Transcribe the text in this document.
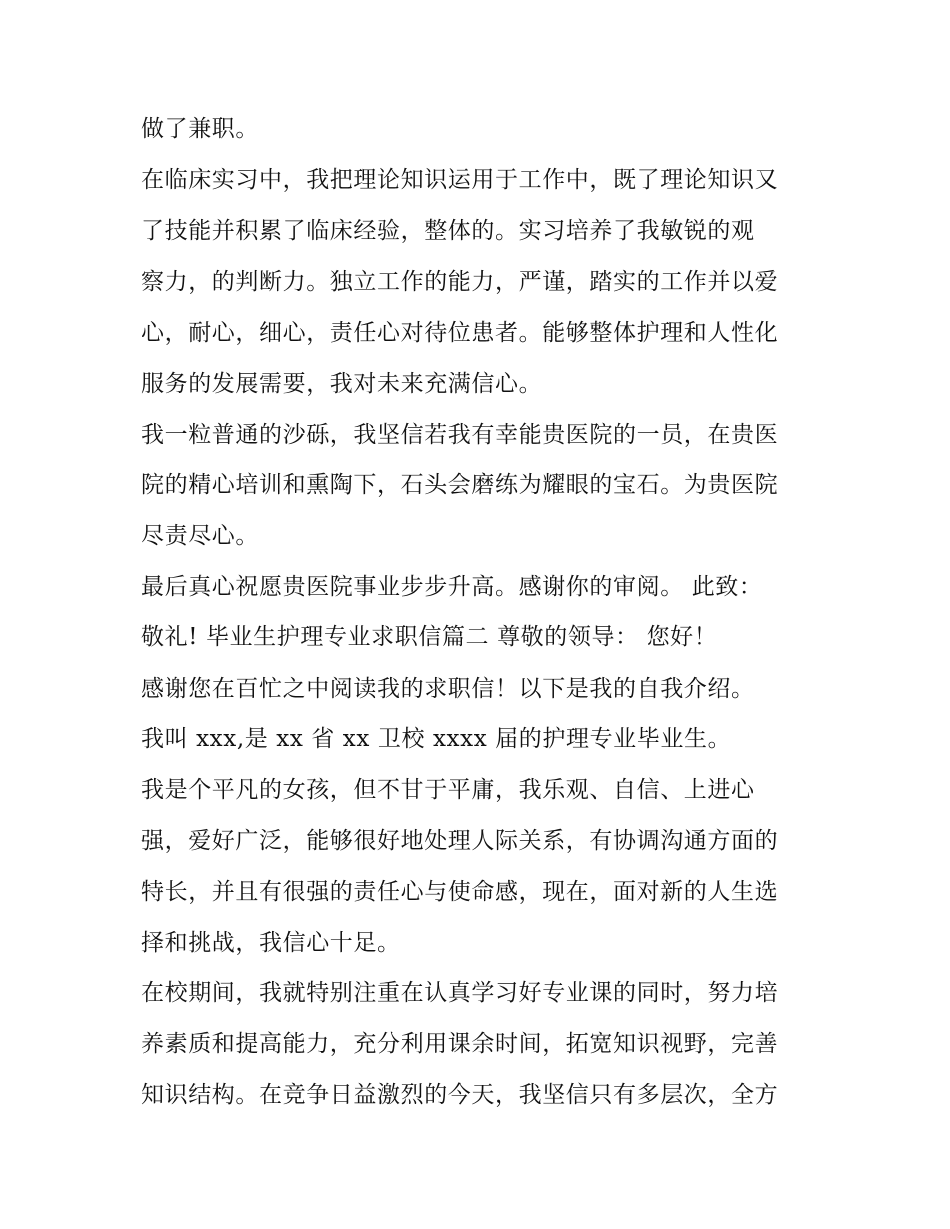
做了兼职。

在临床实习中，我把理论知识运用于工作中，既了理论知识又

了技能并积累了临床经验，整体的。实习培养了我敏锐的观

察力，的判断力。独立工作的能力，严谨，踏实的工作并以爱

心，耐心，细心，责任心对待位患者。能够整体护理和人性化

服务的发展需要，我对未来充满信心。

我一粒普通的沙砾，我坚信若我有幸能贵医院的一员，在贵医

院的精心培训和熏陶下，石头会磨练为耀眼的宝石。为贵医院

尽责尽心。

最后真心祝愿贵医院事业步步升高。感谢你的审阅。 此致：

敬礼! 毕业生护理专业求职信篇二 尊敬的领导： 您好！

感谢您在百忙之中阅读我的求职信！以下是我的自我介绍。

我叫 xxx,是 xx 省 xx 卫校 xxxx 届的护理专业毕业生。

我是个平凡的女孩，但不甘于平庸，我乐观、自信、上进心

强，爱好广泛，能够很好地处理人际关系，有协调沟通方面的

特长，并且有很强的责任心与使命感，现在，面对新的人生选

择和挑战，我信心十足。

在校期间，我就特别注重在认真学习好专业课的同时，努力培

养素质和提高能力，充分利用课余时间，拓宽知识视野，完善

知识结构。在竞争日益激烈的今天，我坚信只有多层次，全方
